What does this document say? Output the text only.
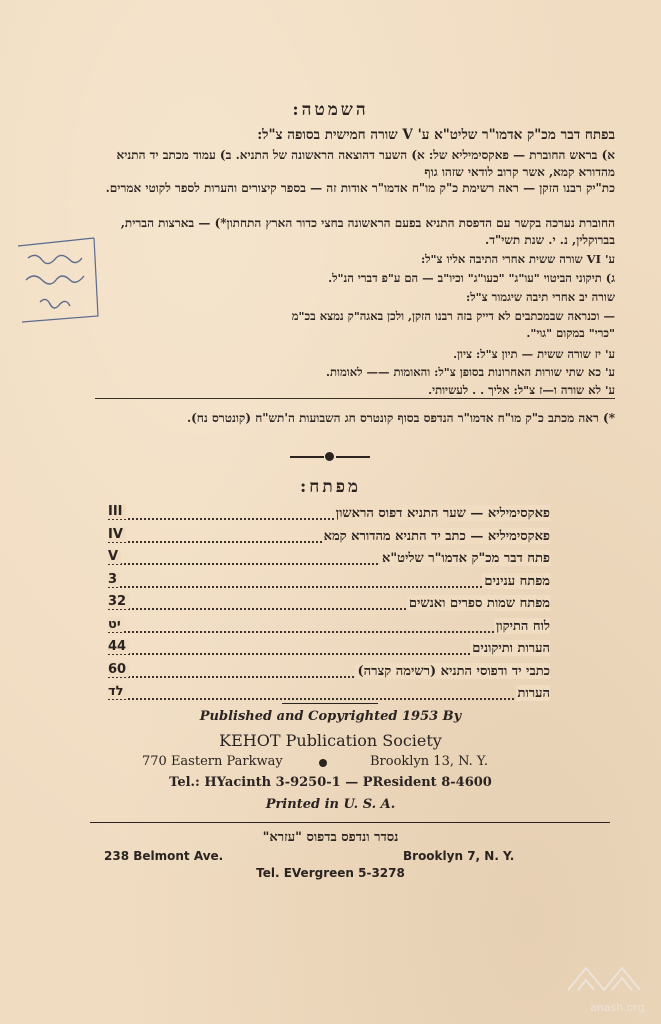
השמטה:
בפתח דבר מכ"ק אדמו"ר שליט"א ע' V שורה חמישית בסופה צ"ל:
א) בראש החוברת — פאקסימיליא של: א) השער דהוצאה הראשונה של התניא. ב) עמוד מכתב יד התניא מהדורא קמא, אשר קרוב לודאי שזהו גוף
כת"יק רבנו הזקן — ראה רשימת כ"ק מו"ח אדמו"ר אודות זה — בספר קיצורים והערות לספר לקוטי אמרים.
החוברת נערכה בקשר עם הדפסת התניא בפעם הראשונה בחצי כדור הארץ התחתון*) — בארצות הברית, בברוקלין, נ. י. שנת תשי"ד.
ע' VI שורה ששית אחרי התיבה אליו צ"ל:
ג) תיקוני הביטוי "עו"ג" "כעו"ג" וכיו"ב — הם ע"פ דברי הנ"ל.
שורה יב אחרי תיבה שיגמור צ"ל:
— וכנראה שבמכתבים לא דייק בזה רבנו הזקן, ולכן באגה"ק נמצא בכ"מ
"כרי" במקום "גוי".
ע' יז שורה ששית — תיון צ"ל: ציון.
ע' כא שתי שורות האחרונות בסופן צ"ל: והאומות —— לאומות.
ע' לא שורה ו—ז צ"ל: אליך . . לעשיותי.
*) ראה מכתב כ"ק מו"ח אדמו"ר הנדפס בסוף קונטרס חג השבועות ה'תש"ח (קונטרס נח).
מפתח:
פאקסימיליא — שער התניא דפוס הראשון
III
פאקסימיליא — כתב יד התניא מהדורא קמא
IV
פתח דבר מכ"ק אדמו"ר שליט"א
V
מפתח ענינים
3
מפתח שמות ספרים ואנשים
32
לוח התיקון
יט
הערות ותיקונים
44
כתבי יד ודפוסי התניא (רשימה קצרה)
60
הערות
לד
Published and Copyrighted 1953 By
KEHOT Publication Society
770 Eastern Parkway	Brooklyn 13, N. Y.
Tel.: HYacinth 3-9250-1 — PResident 8-4600
Printed in U. S. A.
נסדר ונדפס בדפוס "עזרא"
238 Belmont Ave.	Brooklyn 7, N. Y.
Tel. EVergreen 5-3278
anash.org
